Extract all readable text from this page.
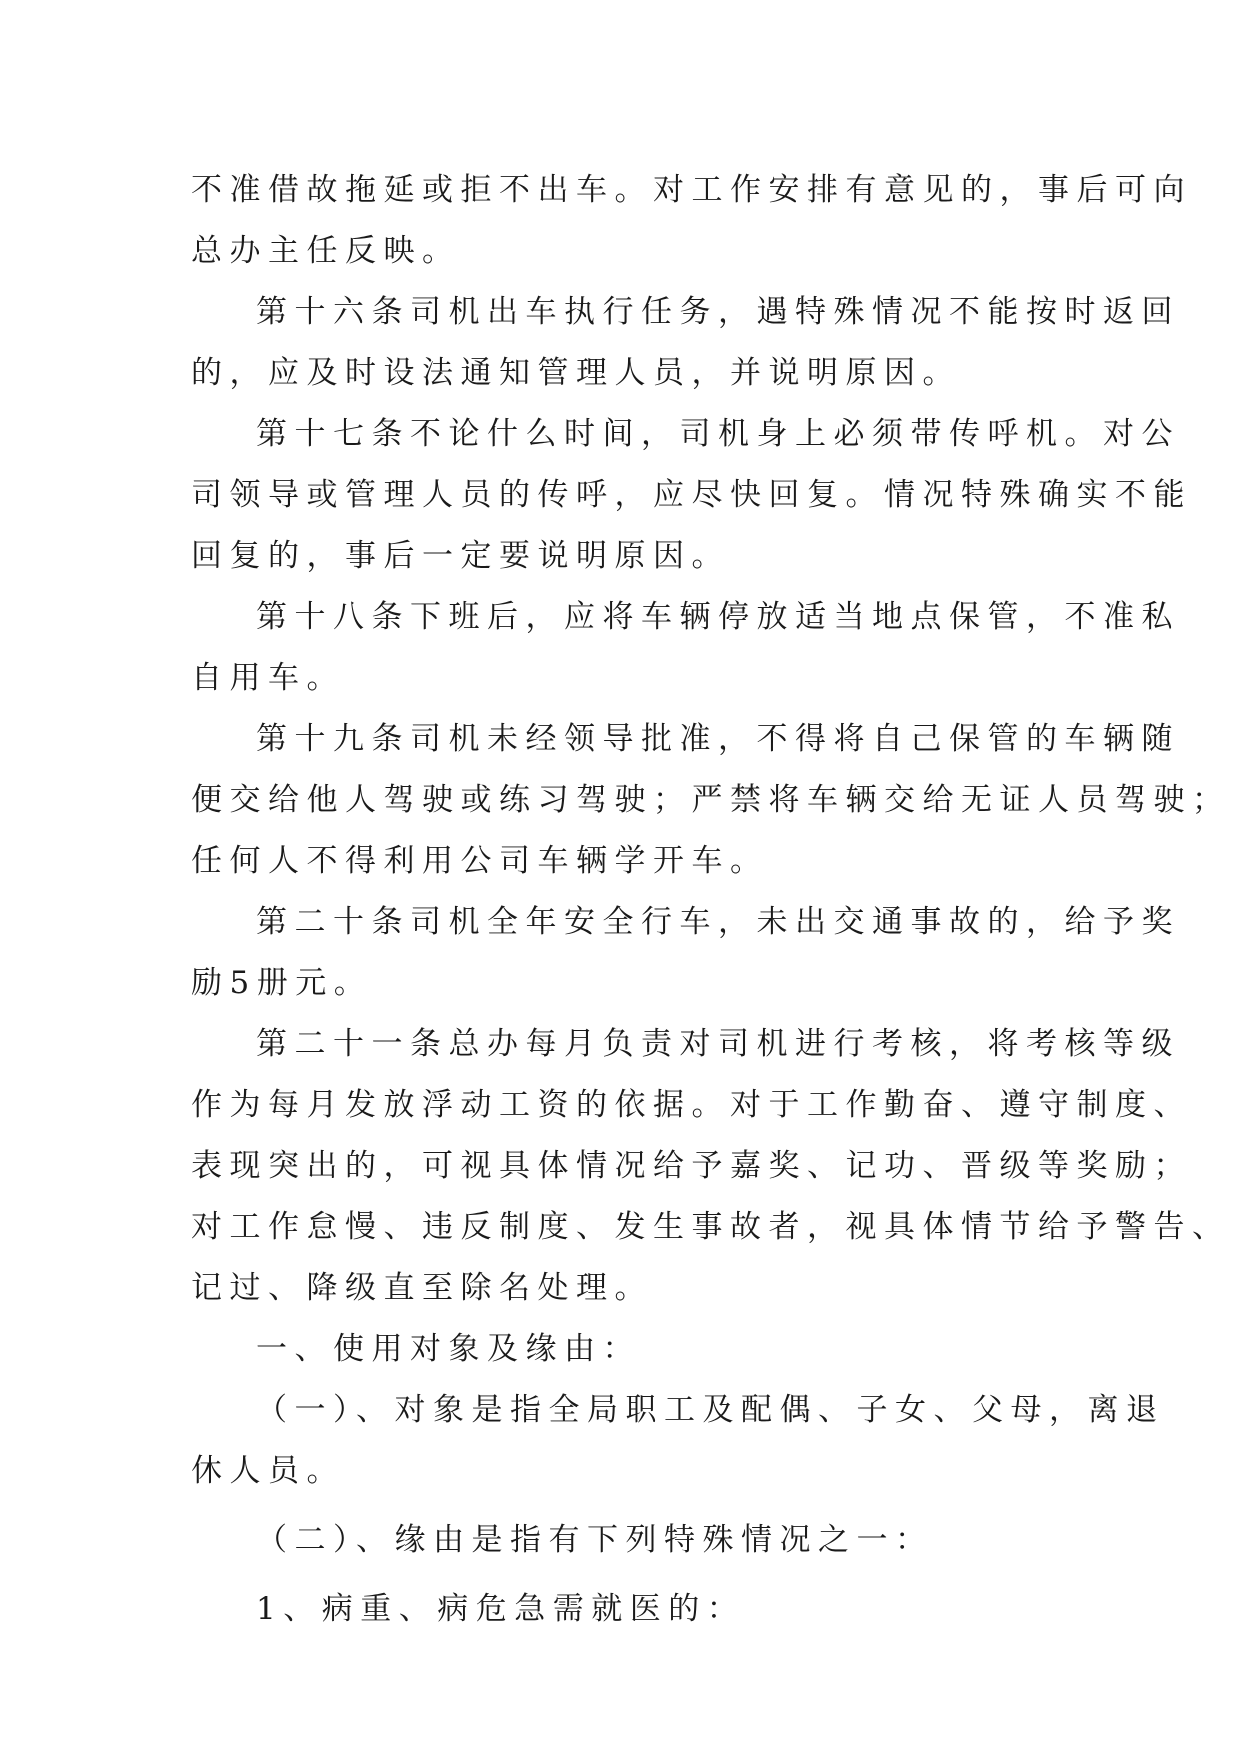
不准借故拖延或拒不出车。对工作安排有意见的，事后可向
总办主任反映。
第十六条司机出车执行任务，遇特殊情况不能按时返回
的，应及时设法通知管理人员，并说明原因。
第十七条不论什么时间，司机身上必须带传呼机。对公
司领导或管理人员的传呼，应尽快回复。情况特殊确实不能
回复的，事后一定要说明原因。
第十八条下班后，应将车辆停放适当地点保管，不准私
自用车。
第十九条司机未经领导批准，不得将自己保管的车辆随
便交给他人驾驶或练习驾驶；严禁将车辆交给无证人员驾驶；
任何人不得利用公司车辆学开车。
第二十条司机全年安全行车，未出交通事故的，给予奖
励5册元。
第二十一条总办每月负责对司机进行考核，将考核等级
作为每月发放浮动工资的依据。对于工作勤奋、遵守制度、
表现突出的，可视具体情况给予嘉奖、记功、晋级等奖励；
对工作怠慢、违反制度、发生事故者，视具体情节给予警告、
记过、降级直至除名处理。
一、使用对象及缘由：
（一）、对象是指全局职工及配偶、子女、父母，离退
休人员。
（二）、缘由是指有下列特殊情况之一：
1、病重、病危急需就医的：
